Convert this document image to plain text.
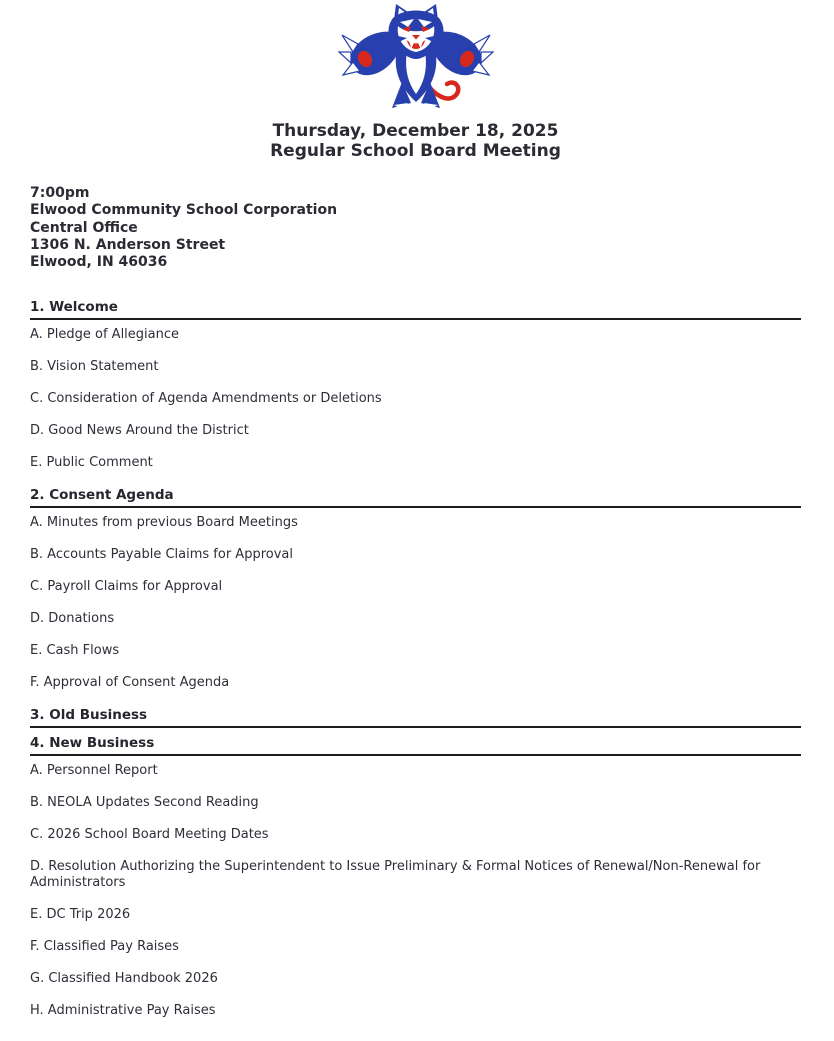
Thursday, December 18, 2025
Regular School Board Meeting
7:00pm
Elwood Community School Corporation
Central Office
1306 N. Anderson Street
Elwood, IN 46036
1. Welcome

A. Pledge of Allegiance

B. Vision Statement

C. Consideration of Agenda Amendments or Deletions

D. Good News Around the District

E. Public Comment

2. Consent Agenda

A. Minutes from previous Board Meetings

B. Accounts Payable Claims for Approval

C. Payroll Claims for Approval

D. Donations

E. Cash Flows

F. Approval of Consent Agenda

3. Old Business
4. New Business

A. Personnel Report

B. NEOLA Updates Second Reading

C. 2026 School Board Meeting Dates

D. Resolution Authorizing the Superintendent to Issue Preliminary & Formal Notices of Renewal/Non-Renewal for Administrators

E. DC Trip 2026

F. Classified Pay Raises

G. Classified Handbook 2026

H. Administrative Pay Raises
